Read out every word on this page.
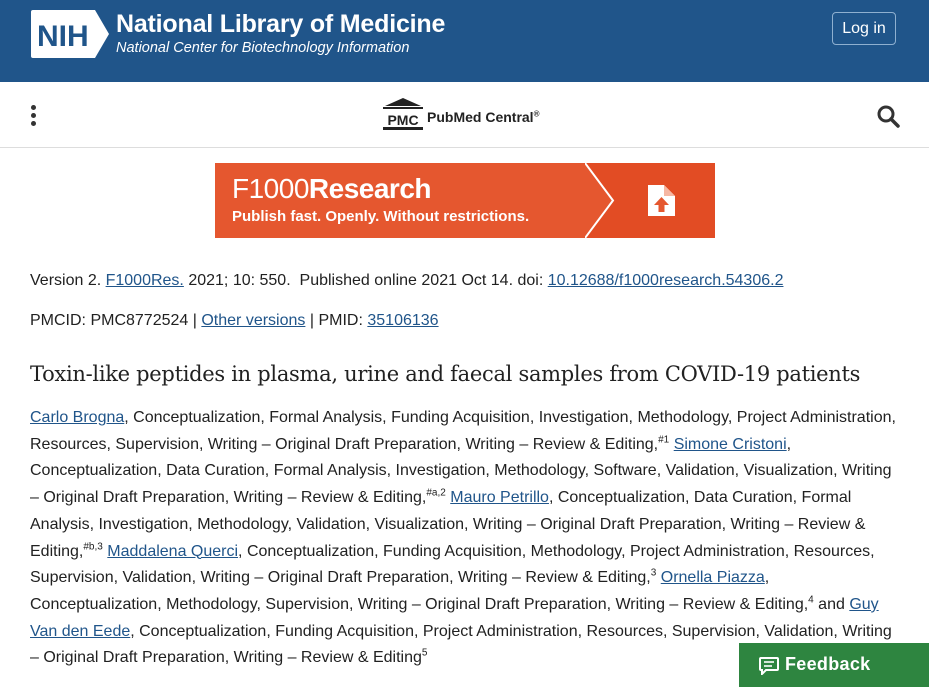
NIH National Library of Medicine
National Center for Biotechnology Information
Log in
PMC PubMed Central®
F1000Research
Publish fast. Openly. Without restrictions.
Version 2. F1000Res. 2021; 10: 550. Published online 2021 Oct 14. doi: 10.12688/f1000research.54306.2
PMCID: PMC8772524 | Other versions | PMID: 35106136
Toxin-like peptides in plasma, urine and faecal samples from COVID-19 patients
Carlo Brogna, Conceptualization, Formal Analysis, Funding Acquisition, Investigation, Methodology, Project Administration, Resources, Supervision, Writing – Original Draft Preparation, Writing – Review & Editing,$^{\#1}$ Simone Cristoni, Conceptualization, Data Curation, Formal Analysis, Investigation, Methodology, Software, Validation, Visualization, Writing – Original Draft Preparation, Writing – Review & Editing,$^{\#a,2}$ Mauro Petrillo, Conceptualization, Data Curation, Formal Analysis, Investigation, Methodology, Validation, Visualization, Writing – Original Draft Preparation, Writing – Review & Editing,$^{\#b,3}$ Maddalena Querci, Conceptualization, Funding Acquisition, Methodology, Project Administration, Resources, Supervision, Validation, Writing – Original Draft Preparation, Writing – Review & Editing,$^3$ Ornella Piazza, Conceptualization, Methodology, Supervision, Writing – Original Draft Preparation, Writing – Review & Editing,$^4$ and Guy Van den Eede, Conceptualization, Funding Acquisition, Project Administration, Resources, Supervision, Validation, Writing – Original Draft Preparation, Writing – Review & Editing$^5$
Feedback
